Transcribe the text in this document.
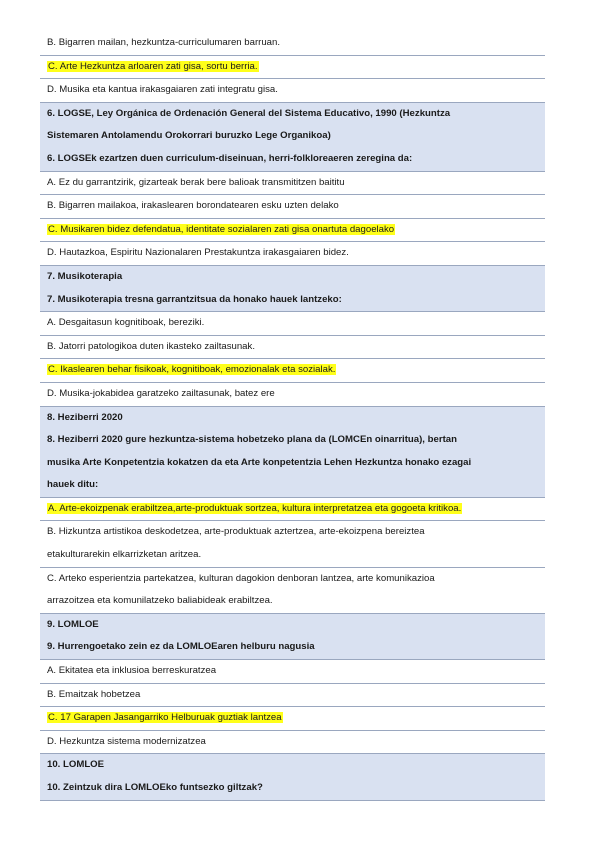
B. Bigarren mailan, hezkuntza-curriculumaren barruan.
C. Arte Hezkuntza arloaren zati gisa, sortu berria.
D. Musika eta kantua irakasgaiaren zati integratu gisa.
6. LOGSE, Ley Orgánica de Ordenación General del Sistema Educativo, 1990 (Hezkuntza
Sistemaren Antolamendu Orokorrari buruzko Lege Organikoa)
6. LOGSEk ezartzen duen curriculum-diseinuan, herri-folkloreaeren zeregina da:
A. Ez du garrantzirik, gizarteak berak bere balioak transmititzen baititu
B. Bigarren mailakoa, irakaslearen borondatearen esku uzten delako
C. Musikaren bidez defendatua, identitate sozialaren zati gisa onartuta dagoelako
D. Hautazkoa, Espiritu Nazionalaren Prestakuntza irakasgaiaren bidez.
7. Musikoterapia
7. Musikoterapia tresna garrantzitsua da honako hauek lantzeko:
A. Desgaitasun kognitiboak, bereziki.
B. Jatorri patologikoa duten ikasteko zailtasunak.
C. Ikaslearen behar fisikoak, kognitiboak, emozionalak eta sozialak.
D. Musika-jokabidea garatzeko zailtasunak, batez ere
8. Heziberri 2020
8. Heziberri 2020 gure hezkuntza-sistema hobetzeko plana da (LOMCEn oinarritua), bertan
musika Arte Konpetentzia kokatzen da eta Arte konpetentzia Lehen Hezkuntza honako ezagai
hauek ditu:
A. Arte-ekoizpenak erabiltzea,arte-produktuak sortzea, kultura interpretatzea eta gogoeta kritikoa.
B. Hizkuntza artistikoa deskodetzea, arte-produktuak aztertzea, arte-ekoizpena bereiztea
etakulturarekin elkarrizketan aritzea.
C. Arteko esperientzia partekatzea, kulturan dagokion denboran lantzea, arte komunikazioa
arrazoitzea eta komunilatzeko baliabideak erabiltzea.
9. LOMLOE
9. Hurrengoetako zein ez da LOMLOEaren helburu nagusia
A. Ekitatea eta inklusioa berreskuratzea
B. Emaitzak hobetzea
C. 17 Garapen Jasangarriko Helburuak guztiak lantzea
D. Hezkuntza sistema modernizatzea
10. LOMLOE
10. Zeintzuk dira LOMLOEko funtsezko giltzak?
